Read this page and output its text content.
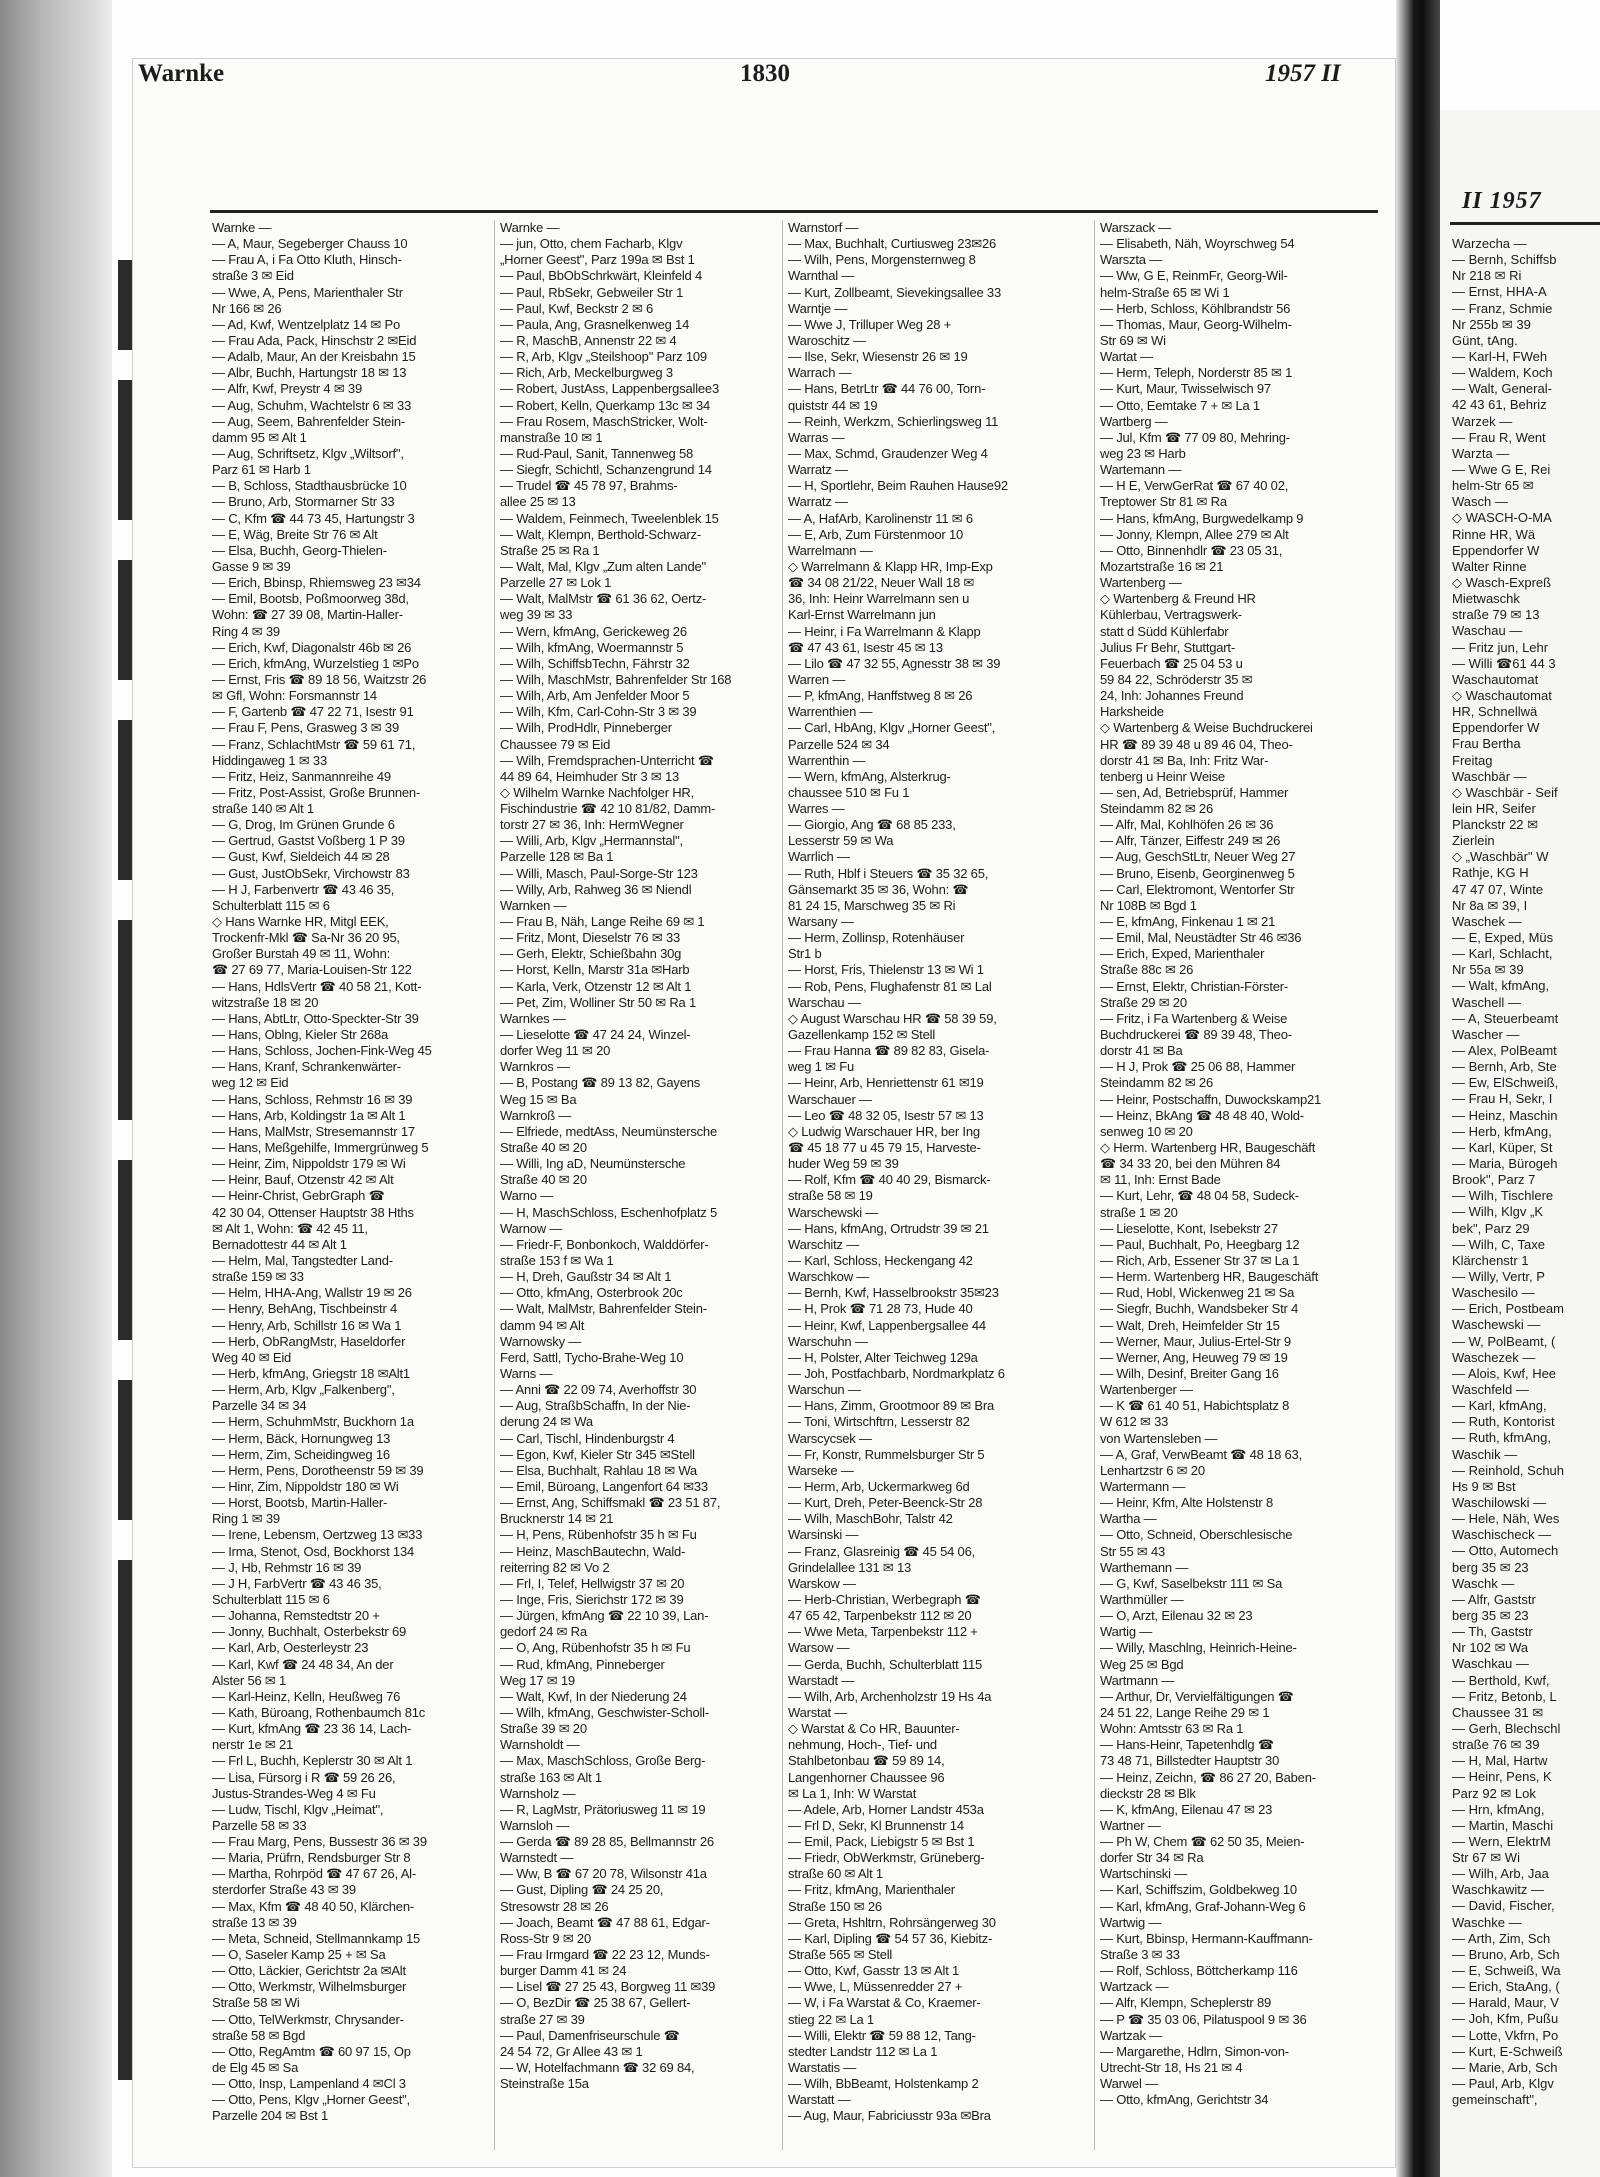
Warnke	1830	1957 II
Warnke —
— A, Maur, Segeberger Chauss 10
— Frau A, i Fa Otto Kluth, Hinsch-
straße 3 ✉ Eid
— Wwe, A, Pens, Marienthaler Str
Nr 166 ✉ 26
— Ad, Kwf, Wentzelplatz 14 ✉ Po
— Frau Ada, Pack, Hinschstr 2 ✉Eid
— Adalb, Maur, An der Kreisbahn 15
— Albr, Buchh, Hartungstr 18 ✉ 13
— Alfr, Kwf, Preystr 4 ✉ 39
— Aug, Schuhm, Wachtelstr 6 ✉ 33
— Aug, Seem, Bahrenfelder Stein-
damm 95 ✉ Alt 1
— Aug, Schriftsetz, Klgv „Wiltsorf",
Parz 61 ✉ Harb 1
— B, Schloss, Stadthausbrücke 10
— Bruno, Arb, Stormarner Str 33
— C, Kfm ☎ 44 73 45, Hartungstr 3
— E, Wäg, Breite Str 76 ✉ Alt
— Elsa, Buchh, Georg-Thielen-
Gasse 9 ✉ 39
— Erich, Bbinsp, Rhiemsweg 23 ✉34
— Emil, Bootsb, Poßmoorweg 38d,
Wohn: ☎ 27 39 08, Martin-Haller-
Ring 4 ✉ 39
— Erich, Kwf, Diagonalstr 46b ✉ 26
— Erich, kfmAng, Wurzelstieg 1 ✉Po
— Ernst, Fris ☎ 89 18 56, Waitzstr 26
✉ Gfl, Wohn: Forsmannstr 14
— F, Gartenb ☎ 47 22 71, Isestr 91
— Frau F, Pens, Grasweg 3 ✉ 39
— Franz, SchlachtMstr ☎ 59 61 71,
Hiddingaweg 1 ✉ 33
— Fritz, Heiz, Sanmannreihe 49
— Fritz, Post-Assist, Große Brunnen-
straße 140 ✉ Alt 1
— G, Drog, Im Grünen Grunde 6
— Gertrud, Gastst Voßberg 1 P 39
— Gust, Kwf, Sieldeich 44 ✉ 28
— Gust, JustObSekr, Virchowstr 83
— H J, Farbenvertr ☎ 43 46 35,
Schulterblatt 115 ✉ 6
◇ Hans Warnke HR, Mitgl EEK,
Trockenfr-Mkl ☎ Sa-Nr 36 20 95,
Großer Burstah 49 ✉ 11, Wohn:
☎ 27 69 77, Maria-Louisen-Str 122
— Hans, HdlsVertr ☎ 40 58 21, Kott-
witzstraße 18 ✉ 20
— Hans, AbtLtr, Otto-Speckter-Str 39
— Hans, Oblng, Kieler Str 268a
— Hans, Schloss, Jochen-Fink-Weg 45
— Hans, Kranf, Schrankenwärter-
weg 12 ✉ Eid
— Hans, Schloss, Rehmstr 16 ✉ 39
— Hans, Arb, Koldingstr 1a ✉ Alt 1
— Hans, MalMstr, Stresemannstr 17
— Hans, Meßgehilfe, Immergrünweg 5
— Heinr, Zim, Nippoldstr 179 ✉ Wi
— Heinr, Bauf, Otzenstr 42 ✉ Alt
— Heinr-Christ, GebrGraph ☎
42 30 04, Ottenser Hauptstr 38 Hths
✉ Alt 1, Wohn: ☎ 42 45 11,
Bernadottestr 44 ✉ Alt 1
— Helm, Mal, Tangstedter Land-
straße 159 ✉ 33
— Helm, HHA-Ang, Wallstr 19 ✉ 26
— Henry, BehAng, Tischbeinstr 4
— Henry, Arb, Schillstr 16 ✉ Wa 1
— Herb, ObRangMstr, Haseldorfer
Weg 40 ✉ Eid
— Herb, kfmAng, Griegstr 18 ✉Alt1
— Herm, Arb, Klgv „Falkenberg",
Parzelle 34 ✉ 34
— Herm, SchuhmMstr, Buckhorn 1a
— Herm, Bäck, Hornungweg 13
— Herm, Zim, Scheidingweg 16
— Herm, Pens, Dorotheenstr 59 ✉ 39
— Hinr, Zim, Nippoldstr 180 ✉ Wi
— Horst, Bootsb, Martin-Haller-
Ring 1 ✉ 39
— Irene, Lebensm, Oertzweg 13 ✉33
— Irma, Stenot, Osd, Bockhorst 134
— J, Hb, Rehmstr 16 ✉ 39
— J H, FarbVertr ☎ 43 46 35,
Schulterblatt 115 ✉ 6
— Johanna, Remstedtstr 20 +
— Jonny, Buchhalt, Osterbekstr 69
— Karl, Arb, Oesterleystr 23
— Karl, Kwf ☎ 24 48 34, An der
Alster 56 ✉ 1
— Karl-Heinz, Kelln, Heußweg 76
— Kath, Büroang, Rothenbaumch 81c
— Kurt, kfmAng ☎ 23 36 14, Lach-
nerstr 1e ✉ 21
— Frl L, Buchh, Keplerstr 30 ✉ Alt 1
— Lisa, Fürsorg i R ☎ 59 26 26,
Justus-Strandes-Weg 4 ✉ Fu
— Ludw, Tischl, Klgv „Heimat",
Parzelle 58 ✉ 33
— Frau Marg, Pens, Bussestr 36 ✉ 39
— Maria, Prüfrn, Rendsburger Str 8
— Martha, Rohrpöd ☎ 47 67 26, Al-
sterdorfer Straße 43 ✉ 39
— Max, Kfm ☎ 48 40 50, Klärchen-
straße 13 ✉ 39
— Meta, Schneid, Stellmannkamp 15
— O, Saseler Kamp 25 + ✉ Sa
— Otto, Läckier, Gerichtstr 2a ✉Alt
— Otto, Werkmstr, Wilhelmsburger
Straße 58 ✉ Wi
— Otto, TelWerkmstr, Chrysander-
straße 58 ✉ Bgd
— Otto, RegAmtm ☎ 60 97 15, Op
de Elg 45 ✉ Sa
— Otto, Insp, Lampenland 4 ✉Cl 3
— Otto, Pens, Klgv „Horner Geest",
Parzelle 204 ✉ Bst 1
Warnke —
— jun, Otto, chem Facharb, Klgv
„Horner Geest", Parz 199a ✉ Bst 1
— Paul, BbObSchrkwärt, Kleinfeld 4
— Paul, RbSekr, Gebweiler Str 1
— Paul, Kwf, Beckstr 2 ✉ 6
— Paula, Ang, Grasnelkenweg 14
— R, MaschB, Annenstr 22 ✉ 4
— R, Arb, Klgv „Steilshoop" Parz 109
— Rich, Arb, Meckelburgweg 3
— Robert, JustAss, Lappenbergsallee3
— Robert, Kelln, Querkamp 13c ✉ 34
— Frau Rosem, MaschStricker, Wolt-
manstraße 10 ✉ 1
— Rud-Paul, Sanit, Tannenweg 58
— Siegfr, Schichtl, Schanzengrund 14
— Trudel ☎ 45 78 97, Brahms-
allee 25 ✉ 13
— Waldem, Feinmech, Tweelenblek 15
— Walt, Klempn, Berthold-Schwarz-
Straße 25 ✉ Ra 1
— Walt, Mal, Klgv „Zum alten Lande"
Parzelle 27 ✉ Lok 1
— Walt, MalMstr ☎ 61 36 62, Oertz-
weg 39 ✉ 33
— Wern, kfmAng, Gerickeweg 26
— Wilh, kfmAng, Woermannstr 5
— Wilh, SchiffsbTechn, Fährstr 32
— Wilh, MaschMstr, Bahrenfelder Str 168
— Wilh, Arb, Am Jenfelder Moor 5
— Wilh, Kfm, Carl-Cohn-Str 3 ✉ 39
— Wilh, ProdHdlr, Pinneberger
Chaussee 79 ✉ Eid
— Wilh, Fremdsprachen-Unterricht ☎
44 89 64, Heimhuder Str 3 ✉ 13
◇ Wilhelm Warnke Nachfolger HR,
Fischindustrie ☎ 42 10 81/82, Damm-
torstr 27 ✉ 36, Inh: HermWegner
— Willi, Arb, Klgv „Hermannstal",
Parzelle 128 ✉ Ba 1
— Willi, Masch, Paul-Sorge-Str 123
— Willy, Arb, Rahweg 36 ✉ Niendl
Warnken —
— Frau B, Näh, Lange Reihe 69 ✉ 1
— Fritz, Mont, Dieselstr 76 ✉ 33
— Gerh, Elektr, Schießbahn 30g
— Horst, Kelln, Marstr 31a ✉Harb
— Karla, Verk, Otzenstr 12 ✉ Alt 1
— Pet, Zim, Wolliner Str 50 ✉ Ra 1
Warnkes —
— Lieselotte ☎ 47 24 24, Winzel-
dorfer Weg 11 ✉ 20
Warnkros —
— B, Postang ☎ 89 13 82, Gayens
Weg 15 ✉ Ba
Warnkroß —
— Elfriede, medtAss, Neumünstersche
Straße 40 ✉ 20
— Willi, Ing aD, Neumünstersche
Straße 40 ✉ 20
Warno —
— H, MaschSchloss, Eschenhofplatz 5
Warnow —
— Friedr-F, Bonbonkoch, Walddörfer-
straße 153 f ✉ Wa 1
— H, Dreh, Gaußstr 34 ✉ Alt 1
— Otto, kfmAng, Osterbrook 20c
— Walt, MalMstr, Bahrenfelder Stein-
damm 94 ✉ Alt
Warnowsky —
Ferd, Sattl, Tycho-Brahe-Weg 10
Warns —
— Anni ☎ 22 09 74, Averhoffstr 30
— Aug, StraßbSchaffn, In der Nie-
derung 24 ✉ Wa
— Carl, Tischl, Hindenburgstr 4
— Egon, Kwf, Kieler Str 345 ✉Stell
— Elsa, Buchhalt, Rahlau 18 ✉ Wa
— Emil, Büroang, Langenfort 64 ✉33
— Ernst, Ang, Schiffsmakl ☎ 23 51 87,
Brucknerstr 14 ✉ 21
— H, Pens, Rübenhofstr 35 h ✉ Fu
— Heinz, MaschBautechn, Wald-
reiterring 82 ✉ Vo 2
— Frl, I, Telef, Hellwigstr 37 ✉ 20
— Inge, Fris, Sierichstr 172 ✉ 39
— Jürgen, kfmAng ☎ 22 10 39, Lan-
gedorf 24 ✉ Ra
— O, Ang, Rübenhofstr 35 h ✉ Fu
— Rud, kfmAng, Pinneberger
Weg 17 ✉ 19
— Walt, Kwf, In der Niederung 24
— Wilh, kfmAng, Geschwister-Scholl-
Straße 39 ✉ 20
Warnsholdt —
— Max, MaschSchloss, Große Berg-
straße 163 ✉ Alt 1
Warnsholz —
— R, LagMstr, Prätoriusweg 11 ✉ 19
Warnsloh —
— Gerda ☎ 89 28 85, Bellmannstr 26
Warnstedt —
— Ww, B ☎ 67 20 78, Wilsonstr 41a
— Gust, Dipling ☎ 24 25 20,
Stresowstr 28 ✉ 26
— Joach, Beamt ☎ 47 88 61, Edgar-
Ross-Str 9 ✉ 20
— Frau Irmgard ☎ 22 23 12, Munds-
burger Damm 41 ✉ 24
— Lisel ☎ 27 25 43, Borgweg 11 ✉39
— O, BezDir ☎ 25 38 67, Gellert-
straße 27 ✉ 39
— Paul, Damenfriseurschule ☎
24 54 72, Gr Allee 43 ✉ 1
— W, Hotelfachmann ☎ 32 69 84,
Steinstraße 15a
Warnstorf —
— Max, Buchhalt, Curtiusweg 23✉26
— Wilh, Pens, Morgensternweg 8
Warnthal —
— Kurt, Zollbeamt, Sievekingsallee 33
Warntje —
— Wwe J, Trilluper Weg 28 +
Waroschitz —
— Ilse, Sekr, Wiesenstr 26 ✉ 19
Warrach —
— Hans, BetrLtr ☎ 44 76 00, Torn-
quiststr 44 ✉ 19
— Reinh, Werkzm, Schierlingsweg 11
Warras —
— Max, Schmd, Graudenzer Weg 4
Warratz —
— H, Sportlehr, Beim Rauhen Hause92
Warratz —
— A, HafArb, Karolinenstr 11 ✉ 6
— E, Arb, Zum Fürstenmoor 10
Warrelmann —
◇ Warrelmann & Klapp HR, Imp-Exp
☎ 34 08 21/22, Neuer Wall 18 ✉
36, Inh: Heinr Warrelmann sen u
Karl-Ernst Warrelmann jun
— Heinr, i Fa Warrelmann & Klapp
☎ 47 43 61, Isestr 45 ✉ 13
— Lilo ☎ 47 32 55, Agnesstr 38 ✉ 39
Warren —
— P, kfmAng, Hanffstweg 8 ✉ 26
Warrenthien —
— Carl, HbAng, Klgv „Horner Geest",
Parzelle 524 ✉ 34
Warrenthin —
— Wern, kfmAng, Alsterkrug-
chaussee 510 ✉ Fu 1
Warres —
— Giorgio, Ang ☎ 68 85 233,
Lesserstr 59 ✉ Wa
Warrlich —
— Ruth, Hblf i Steuers ☎ 35 32 65,
Gänsemarkt 35 ✉ 36, Wohn: ☎
81 24 15, Marschweg 35 ✉ Ri
Warsany —
— Herm, Zollinsp, Rotenhäuser
Str1 b
— Horst, Fris, Thielenstr 13 ✉ Wi 1
— Rob, Pens, Flughafenstr 81 ✉ Lal
Warschau —
◇ August Warschau HR ☎ 58 39 59,
Gazellenkamp 152 ✉ Stell
— Frau Hanna ☎ 89 82 83, Gisela-
weg 1 ✉ Fu
— Heinr, Arb, Henriettenstr 61 ✉19
Warschauer —
— Leo ☎ 48 32 05, Isestr 57 ✉ 13
◇ Ludwig Warschauer HR, ber Ing
☎ 45 18 77 u 45 79 15, Harveste-
huder Weg 59 ✉ 39
— Rolf, Kfm ☎ 40 40 29, Bismarck-
straße 58 ✉ 19
Warschewski —
— Hans, kfmAng, Ortrudstr 39 ✉ 21
Warschitz —
— Karl, Schloss, Heckengang 42
Warschkow —
— Bernh, Kwf, Hasselbrookstr 35✉23
— H, Prok ☎ 71 28 73, Hude 40
— Heinr, Kwf, Lappenbergsallee 44
Warschuhn —
— H, Polster, Alter Teichweg 129a
— Joh, Postfachbarb, Nordmarkplatz 6
Warschun —
— Hans, Zimm, Grootmoor 89 ✉ Bra
— Toni, Wirtschftrn, Lesserstr 82
Warscycsek —
— Fr, Konstr, Rummelsburger Str 5
Warseke —
— Herm, Arb, Uckermarkweg 6d
— Kurt, Dreh, Peter-Beenck-Str 28
— Wilh, MaschBohr, Talstr 42
Warsinski —
— Franz, Glasreinig ☎ 45 54 06,
Grindelallee 131 ✉ 13
Warskow —
— Herb-Christian, Werbegraph ☎
47 65 42, Tarpenbekstr 112 ✉ 20
— Wwe Meta, Tarpenbekstr 112 +
Warsow —
— Gerda, Buchh, Schulterblatt 115
Warstadt —
— Wilh, Arb, Archenholzstr 19 Hs 4a
Warstat —
◇ Warstat & Co HR, Bauunter-
nehmung, Hoch-, Tief- und
Stahlbetonbau ☎ 59 89 14,
Langenhorner Chaussee 96
✉ La 1, Inh: W Warstat
— Adele, Arb, Horner Landstr 453a
— Frl D, Sekr, Kl Brunnenstr 14
— Emil, Pack, Liebigstr 5 ✉ Bst 1
— Friedr, ObWerkmstr, Grüneberg-
straße 60 ✉ Alt 1
— Fritz, kfmAng, Marienthaler
Straße 150 ✉ 26
— Greta, Hshltrn, Rohrsängerweg 30
— Karl, Dipling ☎ 54 57 36, Kiebitz-
Straße 565 ✉ Stell
— Otto, Kwf, Gasstr 13 ✉ Alt 1
— Wwe, L, Müssenredder 27 +
— W, i Fa Warstat & Co, Kraemer-
stieg 22 ✉ La 1
— Willi, Elektr ☎ 59 88 12, Tang-
stedter Landstr 112 ✉ La 1
Warstatis —
— Wilh, BbBeamt, Holstenkamp 2
Warstatt —
— Aug, Maur, Fabriciusstr 93a ✉Bra
Warszack —
— Elisabeth, Näh, Woyrschweg 54
Warszta —
— Ww, G E, ReinmFr, Georg-Wil-
helm-Straße 65 ✉ Wi 1
— Herb, Schloss, Köhlbrandstr 56
— Thomas, Maur, Georg-Wilhelm-
Str 69 ✉ Wi
Wartat —
— Herm, Teleph, Norderstr 85 ✉ 1
— Kurt, Maur, Twisselwisch 97
— Otto, Eemtake 7 + ✉ La 1
Wartberg —
— Jul, Kfm ☎ 77 09 80, Mehring-
weg 23 ✉ Harb
Wartemann —
— H E, VerwGerRat ☎ 67 40 02,
Treptower Str 81 ✉ Ra
— Hans, kfmAng, Burgwedelkamp 9
— Jonny, Klempn, Allee 279 ✉ Alt
— Otto, Binnenhdlr ☎ 23 05 31,
Mozartstraße 16 ✉ 21
Wartenberg —
◇ Wartenberg & Freund HR
Kühlerbau, Vertragswerk-
statt d Südd Kühlerfabr
Julius Fr Behr, Stuttgart-
Feuerbach ☎ 25 04 53 u
59 84 22, Schröderstr 35 ✉
24, Inh: Johannes Freund
Harksheide
◇ Wartenberg & Weise Buchdruckerei
HR ☎ 89 39 48 u 89 46 04, Theo-
dorstr 41 ✉ Ba, Inh: Fritz War-
tenberg u Heinr Weise
— sen, Ad, Betriebsprüf, Hammer
Steindamm 82 ✉ 26
— Alfr, Mal, Kohlhöfen 26 ✉ 36
— Alfr, Tänzer, Eiffestr 249 ✉ 26
— Aug, GeschStLtr, Neuer Weg 27
— Bruno, Eisenb, Georginenweg 5
— Carl, Elektromont, Wentorfer Str
Nr 108B ✉ Bgd 1
— E, kfmAng, Finkenau 1 ✉ 21
— Emil, Mal, Neustädter Str 46 ✉36
— Erich, Exped, Marienthaler
Straße 88c ✉ 26
— Ernst, Elektr, Christian-Förster-
Straße 29 ✉ 20
— Fritz, i Fa Wartenberg & Weise
Buchdruckerei ☎ 89 39 48, Theo-
dorstr 41 ✉ Ba
— H J, Prok ☎ 25 06 88, Hammer
Steindamm 82 ✉ 26
— Heinr, Postschaffn, Duwockskamp21
— Heinz, BkAng ☎ 48 48 40, Wold-
senweg 10 ✉ 20
◇ Herm. Wartenberg HR, Baugeschäft
☎ 34 33 20, bei den Mühren 84
✉ 11, Inh: Ernst Bade
— Kurt, Lehr, ☎ 48 04 58, Sudeck-
straße 1 ✉ 20
— Lieselotte, Kont, Isebekstr 27
— Paul, Buchhalt, Po, Heegbarg 12
— Rich, Arb, Essener Str 37 ✉ La 1
— Herm. Wartenberg HR, Baugeschäft
— Rud, Hobl, Wickenweg 21 ✉ Sa
— Siegfr, Buchh, Wandsbeker Str 4
— Walt, Dreh, Heimfelder Str 15
— Werner, Maur, Julius-Ertel-Str 9
— Werner, Ang, Heuweg 79 ✉ 19
— Wilh, Desinf, Breiter Gang 16
Wartenberger —
— K ☎ 61 40 51, Habichtsplatz 8
W 612 ✉ 33
von Wartensleben —
— A, Graf, VerwBeamt ☎ 48 18 63,
Lenhartzstr 6 ✉ 20
Wartermann —
— Heinr, Kfm, Alte Holstenstr 8
Wartha —
— Otto, Schneid, Oberschlesische
Str 55 ✉ 43
Warthemann —
— G, Kwf, Saselbekstr 111 ✉ Sa
Warthmüller —
— O, Arzt, Eilenau 32 ✉ 23
Wartig —
— Willy, Maschlng, Heinrich-Heine-
Weg 25 ✉ Bgd
Wartmann —
— Arthur, Dr, Vervielfältigungen ☎
24 51 22, Lange Reihe 29 ✉ 1
Wohn: Amtsstr 63 ✉ Ra 1
— Hans-Heinr, Tapetenhdlg ☎
73 48 71, Billstedter Hauptstr 30
— Heinz, Zeichn, ☎ 86 27 20, Baben-
dieckstr 28 ✉ Blk
— K, kfmAng, Eilenau 47 ✉ 23
Wartner —
— Ph W, Chem ☎ 62 50 35, Meien-
dorfer Str 34 ✉ Ra
Wartschinski —
— Karl, Schiffszim, Goldbekweg 10
— Karl, kfmAng, Graf-Johann-Weg 6
Wartwig —
— Kurt, Bbinsp, Hermann-Kauffmann-
Straße 3 ✉ 33
— Rolf, Schloss, Böttcherkamp 116
Wartzack —
— Alfr, Klempn, Scheplerstr 89
— P ☎ 35 03 06, Pilatuspool 9 ✉ 36
Wartzak —
— Margarethe, Hdlrn, Simon-von-
Utrecht-Str 18, Hs 21 ✉ 4
Warwel —
— Otto, kfmAng, Gerichtstr 34
II 1957
Warzecha —
— Bernh, Schiffsb
Nr 218 ✉ Ri
— Ernst, HHA-A
— Franz, Schmie
Nr 255b ✉ 39
Günt, tAng.
— Karl-H, FWeh
— Waldem, Koch
— Walt, General-
42 43 61, Behriz
Warzek —
— Frau R, Went
Warzta —
— Wwe G E, Rei
helm-Str 65 ✉
Wasch —
◇ WASCH-O-MA
Rinne HR, Wä
Eppendorfer W
Walter Rinne
◇ Wasch-Expreß
Mietwaschk
straße 79 ✉ 13
Waschau —
— Fritz jun, Lehr
— Willi ☎61 44 3
Waschautomat
◇ Waschautomat
HR, Schnellwä
Eppendorfer W
Frau Bertha
Freitag
Waschbär —
◇ Waschbär - Seif
lein HR, Seifer
Planckstr 22 ✉
Zierlein
◇ „Waschbär" W
Rathje, KG H
47 47 07, Winte
Nr 8a ✉ 39, I
Waschek —
— E, Exped, Müs
— Karl, Schlacht,
Nr 55a ✉ 39
— Walt, kfmAng,
Waschell —
— A, Steuerbeamt
Wascher —
— Alex, PolBeamt
— Bernh, Arb, Ste
— Ew, ElSchweiß,
— Frau H, Sekr, I
— Heinz, Maschin
— Herb, kfmAng,
— Karl, Küper, St
— Maria, Bürogeh
Brook", Parz 7
— Wilh, Tischlere
— Wilh, Klgv „K
bek", Parz 29
— Wilh, C, Taxe
Klärchenstr 1
— Willy, Vertr, P
Waschesilo —
— Erich, Postbeam
Waschewski —
— W, PolBeamt, (
Waschezek —
— Alois, Kwf, Hee
Waschfeld —
— Karl, kfmAng,
— Ruth, Kontorist
— Ruth, kfmAng,
Waschik —
— Reinhold, Schuh
Hs 9 ✉ Bst
Waschilowski —
— Hele, Näh, Wes
Waschischeck —
— Otto, Automech
berg 35 ✉ 23
Waschk —
— Alfr, Gaststr
berg 35 ✉ 23
— Th, Gaststr
Nr 102 ✉ Wa
Waschkau —
— Berthold, Kwf,
— Fritz, Betonb, L
Chaussee 31 ✉
— Gerh, Blechschl
straße 76 ✉ 39
— H, Mal, Hartw
— Heinr, Pens, K
Parz 92 ✉ Lok
— Hrn, kfmAng,
— Martin, Maschi
— Wern, ElektrM
Str 67 ✉ Wi
— Wilh, Arb, Jaa
Waschkawitz —
— David, Fischer,
Waschke —
— Arth, Zim, Sch
— Bruno, Arb, Sch
— E, Schweiß, Wa
— Erich, StaAng, (
— Harald, Maur, V
— Joh, Kfm, Pußu
— Lotte, Vkfrn, Po
— Kurt, E-Schweiß
— Marie, Arb, Sch
— Paul, Arb, Klgv
gemeinschaft",
